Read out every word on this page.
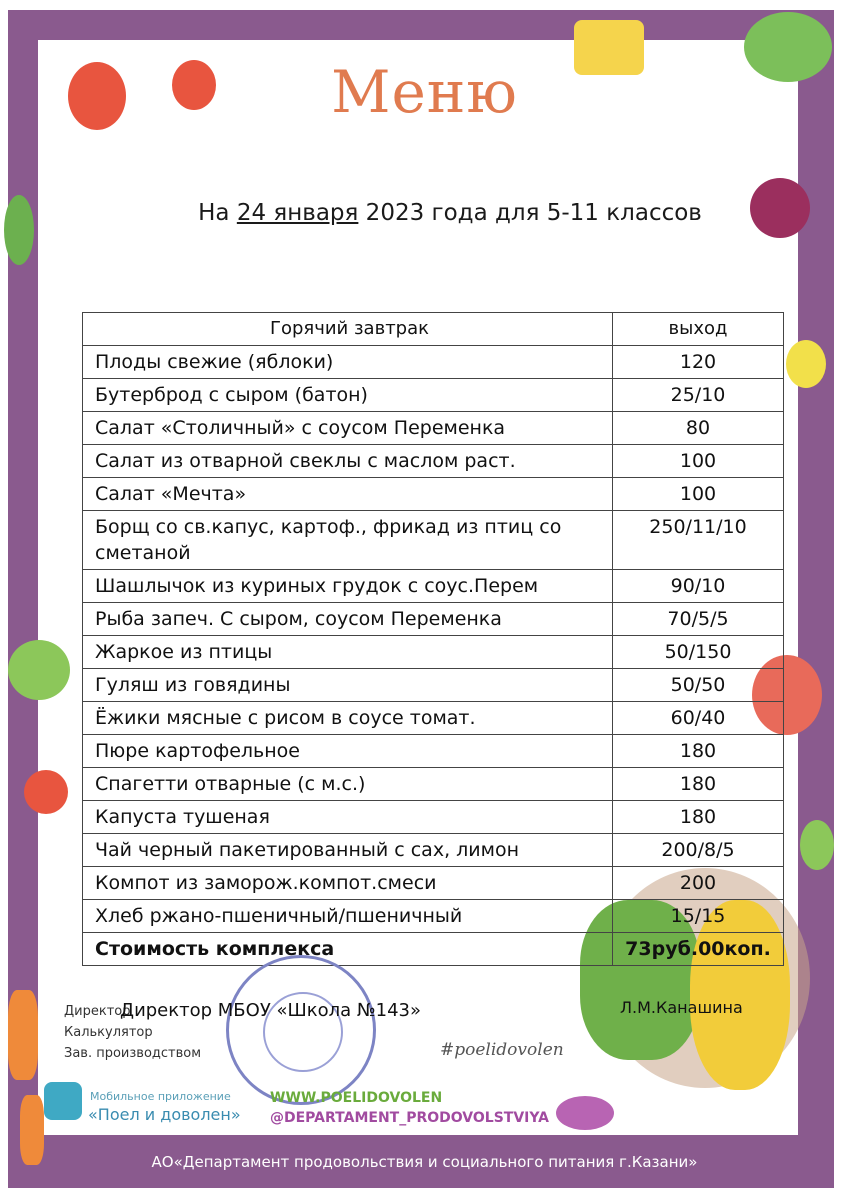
Меню
На 24 января 2023 года для 5-11 классов
Горячий завтрак	выход
Плоды свежие (яблоки)	120
Бутерброд с сыром (батон)	25/10
Салат «Столичный» с соусом Переменка	80
Салат из отварной свеклы с маслом раст.	100
Салат «Мечта»	100
Борщ со св.капус, картоф., фрикад из птиц со сметаной	250/11/10
Шашлычок из куриных грудок с соус.Перем	90/10
Рыба запеч. С сыром, соусом Переменка	70/5/5
Жаркое из птицы	50/150
Гуляш из говядины	50/50
Ёжики мясные с рисом в соусе томат.	60/40
Пюре картофельное	180
Спагетти отварные (с м.с.)	180
Капуста тушеная	180
Чай черный пакетированный с сах, лимон	200/8/5
Компот из заморож.компот.смеси	200
Хлеб ржано-пшеничный/пшеничный	15/15
Стоимость комплекса	73руб.00коп.
Директор
Калькулятор
Зав. производством
Директор МБОУ «Школа №143»	Л.М.Канашина
#poelidovolen
Мобильное приложение
«Поел и доволен»
WWW.POELIDOVOLEN
@DEPARTAMENT_PRODOVOLSTVIYA
АО«Департамент продовольствия и социального питания г.Казани»
